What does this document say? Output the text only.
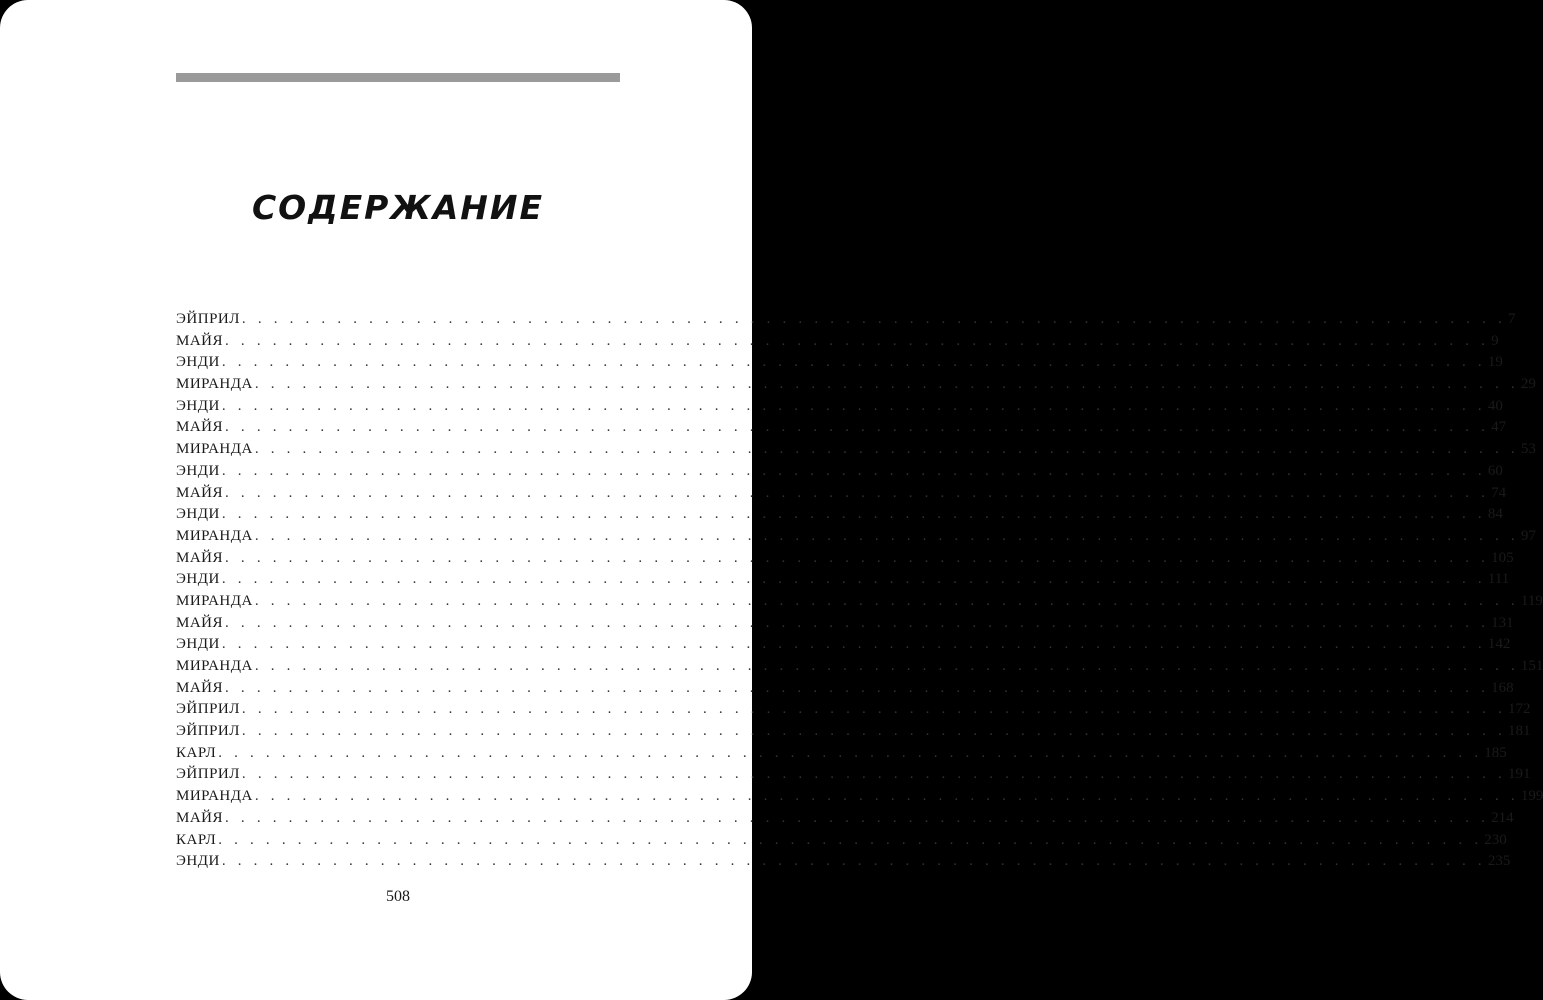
СОДЕРЖАНИЕ
ЭЙПРИЛ . . . . . . . . . . . . . . . . . . . . . . . . . . . . . . . . . . . . . . . . . . . . . . . . . . . . . . . . . . . . . . . . . . . . . . . . . . . . . . . . 7
МАЙЯ . . . . . . . . . . . . . . . . . . . . . . . . . . . . . . . . . . . . . . . . . . . . . . . . . . . . . . . . . . . . . . . . . . . . . . . . . . . . . . . . 9
ЭНДИ . . . . . . . . . . . . . . . . . . . . . . . . . . . . . . . . . . . . . . . . . . . . . . . . . . . . . . . . . . . . . . . . . . . . . . . . . . . . . . . . 19
МИРАНДА . . . . . . . . . . . . . . . . . . . . . . . . . . . . . . . . . . . . . . . . . . . . . . . . . . . . . . . . . . . . . . . . . . . . . . . . . . . . . . . . 29
ЭНДИ . . . . . . . . . . . . . . . . . . . . . . . . . . . . . . . . . . . . . . . . . . . . . . . . . . . . . . . . . . . . . . . . . . . . . . . . . . . . . . . . 40
МАЙЯ . . . . . . . . . . . . . . . . . . . . . . . . . . . . . . . . . . . . . . . . . . . . . . . . . . . . . . . . . . . . . . . . . . . . . . . . . . . . . . . . 47
МИРАНДА . . . . . . . . . . . . . . . . . . . . . . . . . . . . . . . . . . . . . . . . . . . . . . . . . . . . . . . . . . . . . . . . . . . . . . . . . . . . . . . . 53
ЭНДИ . . . . . . . . . . . . . . . . . . . . . . . . . . . . . . . . . . . . . . . . . . . . . . . . . . . . . . . . . . . . . . . . . . . . . . . . . . . . . . . . 60
МАЙЯ . . . . . . . . . . . . . . . . . . . . . . . . . . . . . . . . . . . . . . . . . . . . . . . . . . . . . . . . . . . . . . . . . . . . . . . . . . . . . . . . 74
ЭНДИ . . . . . . . . . . . . . . . . . . . . . . . . . . . . . . . . . . . . . . . . . . . . . . . . . . . . . . . . . . . . . . . . . . . . . . . . . . . . . . . . 84
МИРАНДА . . . . . . . . . . . . . . . . . . . . . . . . . . . . . . . . . . . . . . . . . . . . . . . . . . . . . . . . . . . . . . . . . . . . . . . . . . . . . . . . 97
МАЙЯ . . . . . . . . . . . . . . . . . . . . . . . . . . . . . . . . . . . . . . . . . . . . . . . . . . . . . . . . . . . . . . . . . . . . . . . . . . . . . . . . 105
ЭНДИ . . . . . . . . . . . . . . . . . . . . . . . . . . . . . . . . . . . . . . . . . . . . . . . . . . . . . . . . . . . . . . . . . . . . . . . . . . . . . . . . 111
МИРАНДА . . . . . . . . . . . . . . . . . . . . . . . . . . . . . . . . . . . . . . . . . . . . . . . . . . . . . . . . . . . . . . . . . . . . . . . . . . . . . . . . 119
МАЙЯ . . . . . . . . . . . . . . . . . . . . . . . . . . . . . . . . . . . . . . . . . . . . . . . . . . . . . . . . . . . . . . . . . . . . . . . . . . . . . . . . 131
ЭНДИ . . . . . . . . . . . . . . . . . . . . . . . . . . . . . . . . . . . . . . . . . . . . . . . . . . . . . . . . . . . . . . . . . . . . . . . . . . . . . . . . 142
МИРАНДА . . . . . . . . . . . . . . . . . . . . . . . . . . . . . . . . . . . . . . . . . . . . . . . . . . . . . . . . . . . . . . . . . . . . . . . . . . . . . . . . 151
МАЙЯ . . . . . . . . . . . . . . . . . . . . . . . . . . . . . . . . . . . . . . . . . . . . . . . . . . . . . . . . . . . . . . . . . . . . . . . . . . . . . . . . 168
ЭЙПРИЛ . . . . . . . . . . . . . . . . . . . . . . . . . . . . . . . . . . . . . . . . . . . . . . . . . . . . . . . . . . . . . . . . . . . . . . . . . . . . . . . . 172
ЭЙПРИЛ . . . . . . . . . . . . . . . . . . . . . . . . . . . . . . . . . . . . . . . . . . . . . . . . . . . . . . . . . . . . . . . . . . . . . . . . . . . . . . . . 181
КАРЛ . . . . . . . . . . . . . . . . . . . . . . . . . . . . . . . . . . . . . . . . . . . . . . . . . . . . . . . . . . . . . . . . . . . . . . . . . . . . . . . . 185
ЭЙПРИЛ . . . . . . . . . . . . . . . . . . . . . . . . . . . . . . . . . . . . . . . . . . . . . . . . . . . . . . . . . . . . . . . . . . . . . . . . . . . . . . . . 191
МИРАНДА . . . . . . . . . . . . . . . . . . . . . . . . . . . . . . . . . . . . . . . . . . . . . . . . . . . . . . . . . . . . . . . . . . . . . . . . . . . . . . . . 199
МАЙЯ . . . . . . . . . . . . . . . . . . . . . . . . . . . . . . . . . . . . . . . . . . . . . . . . . . . . . . . . . . . . . . . . . . . . . . . . . . . . . . . . 214
КАРЛ . . . . . . . . . . . . . . . . . . . . . . . . . . . . . . . . . . . . . . . . . . . . . . . . . . . . . . . . . . . . . . . . . . . . . . . . . . . . . . . . 230
ЭНДИ . . . . . . . . . . . . . . . . . . . . . . . . . . . . . . . . . . . . . . . . . . . . . . . . . . . . . . . . . . . . . . . . . . . . . . . . . . . . . . . . 235
508
